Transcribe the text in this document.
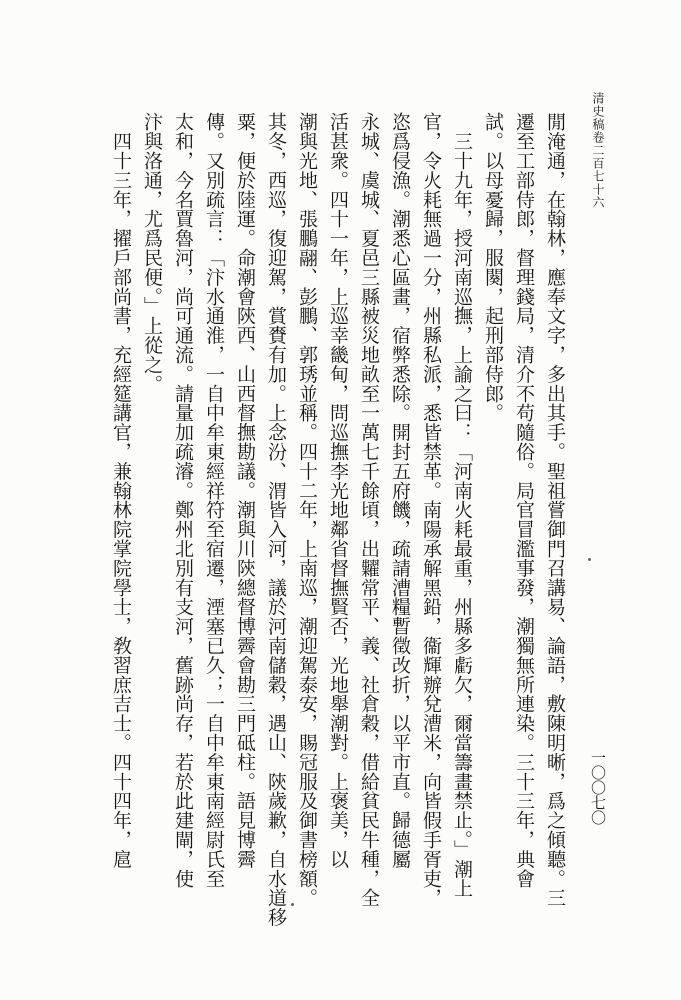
清史稿卷二百七十六
閒淹通，在翰林，應奉文字，多出其手。聖祖嘗御門召講易、論語，敷陳明晰，爲之傾聽。三
遷至工部侍郎，督理錢局，清介不苟隨俗。局官冒濫事發，潮獨無所連染。三十三年，典會
試。以母憂歸，服闋，起刑部侍郎。
　三十九年，授河南巡撫，上諭之曰：「河南火耗最重，州縣多虧欠，爾當籌畫禁止。」潮上
官，令火耗無過一分，州縣私派，悉皆禁革。南陽承解黑鉛，衞輝辦兌漕米，向皆假手胥吏，
恣爲侵漁。潮悉心區畫，宿弊悉除。開封五府饑，疏請漕糧暫徵改折，以平市直。歸德屬
永城、虞城、夏邑三縣被災地畝至一萬七千餘頃，出糶常平、義、社倉穀，借給貧民牛種，全
活甚衆。四十一年，上巡幸畿甸，問巡撫李光地鄰省督撫賢否，光地舉潮對。上褒美，以
潮與光地、張鵬翮、彭鵬、郭琇並稱。四十二年，上南巡，潮迎駕泰安，賜冠服及御書榜額。
其冬，西巡，復迎駕，賞賚有加。上念汾、渭皆入河，議於河南儲穀，遇山、陝歲歉，自水道移
粟，便於陸運。命潮會陝西、山西督撫勘議。潮與川陝總督博霽會勘三門砥柱。語見博霽
傳。又別疏言：「汴水通淮，一自中牟東經祥符至宿遷，湮塞已久；一自中牟東南經尉氏至
太和，今名賈魯河，尚可通流。請量加疏濬。鄭州北別有支河，舊跡尚存，若於此建閘，使
汴與洛通，尤爲民便。」上從之。
　四十三年，擢戶部尚書，充經筵講官，兼翰林院掌院學士，敎習庶吉士。四十四年，扈	一〇〇七〇
